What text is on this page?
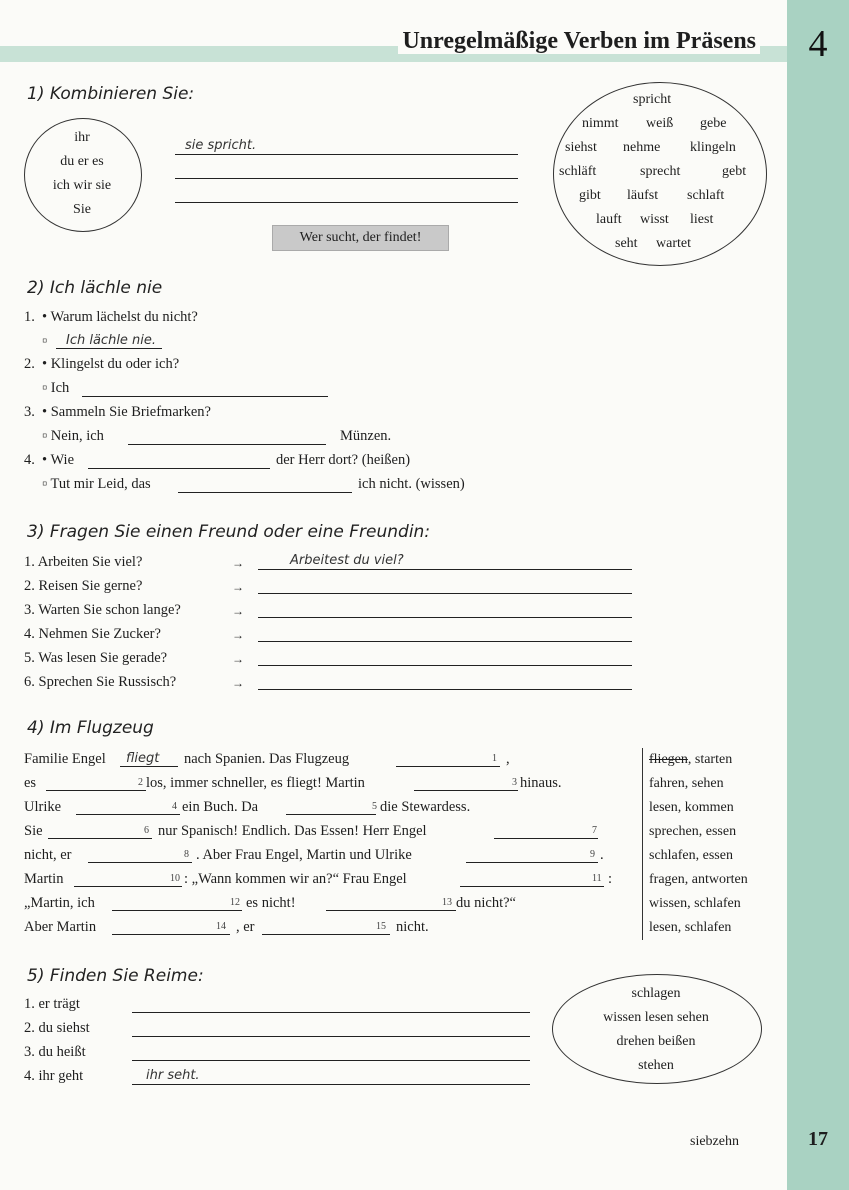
4
Unregelmäßige Verben im Präsens
1) Kombinieren Sie:
ihr
du er es
ich wir sie
Sie
sie spricht.
Wer sucht, der findet!
spricht
nimmt weiß gebe
siehst nehme klingeln
schläft	sprecht	gebt
gibt läufst schlaft
lauft wisst liest
seht wartet
2) Ich lächle nie
1. • Warum lächelst du nicht?
▫ Ich lächle nie.
2. • Klingelst du oder ich?
▫ Ich
3. • Sammeln Sie Briefmarken?
▫ Nein, ich	Münzen.
4. • Wie	der Herr dort? (heißen)
▫ Tut mir Leid, das	ich nicht. (wissen)
3) Fragen Sie einen Freund oder eine Freundin:
1. Arbeiten Sie viel?	→	Arbeitest du viel?
2. Reisen Sie gerne?	→
3. Warten Sie schon lange?	→
4. Nehmen Sie Zucker?	→
5. Was lesen Sie gerade?	→
6. Sprechen Sie Russisch?	→
4) Im Flugzeug
Familie Engel fliegt nach Spanien. Das Flugzeug	1 ,
es	2 los, immer schneller, es fliegt! Martin	3 hinaus.
Ulrike	4 ein Buch. Da	5 die Stewardess.
Sie	6 nur Spanisch! Endlich. Das Essen! Herr Engel	7
nicht, er	8 . Aber Frau Engel, Martin und Ulrike	9 .
Martin	10 : „Wann kommen wir an?“ Frau Engel	11 :
„Martin, ich	12 es nicht!	13 du nicht?“
Aber Martin	14 , er	15 nicht.
fliegen, starten
fahren, sehen
lesen, kommen
sprechen, essen
schlafen, essen
fragen, antworten
wissen, schlafen
lesen, schlafen
5) Finden Sie Reime:
1. er trägt
2. du siehst
3. du heißt
4. ihr geht	ihr seht.
schlagen
wissen lesen sehen
drehen beißen
stehen
siebzehn	17
